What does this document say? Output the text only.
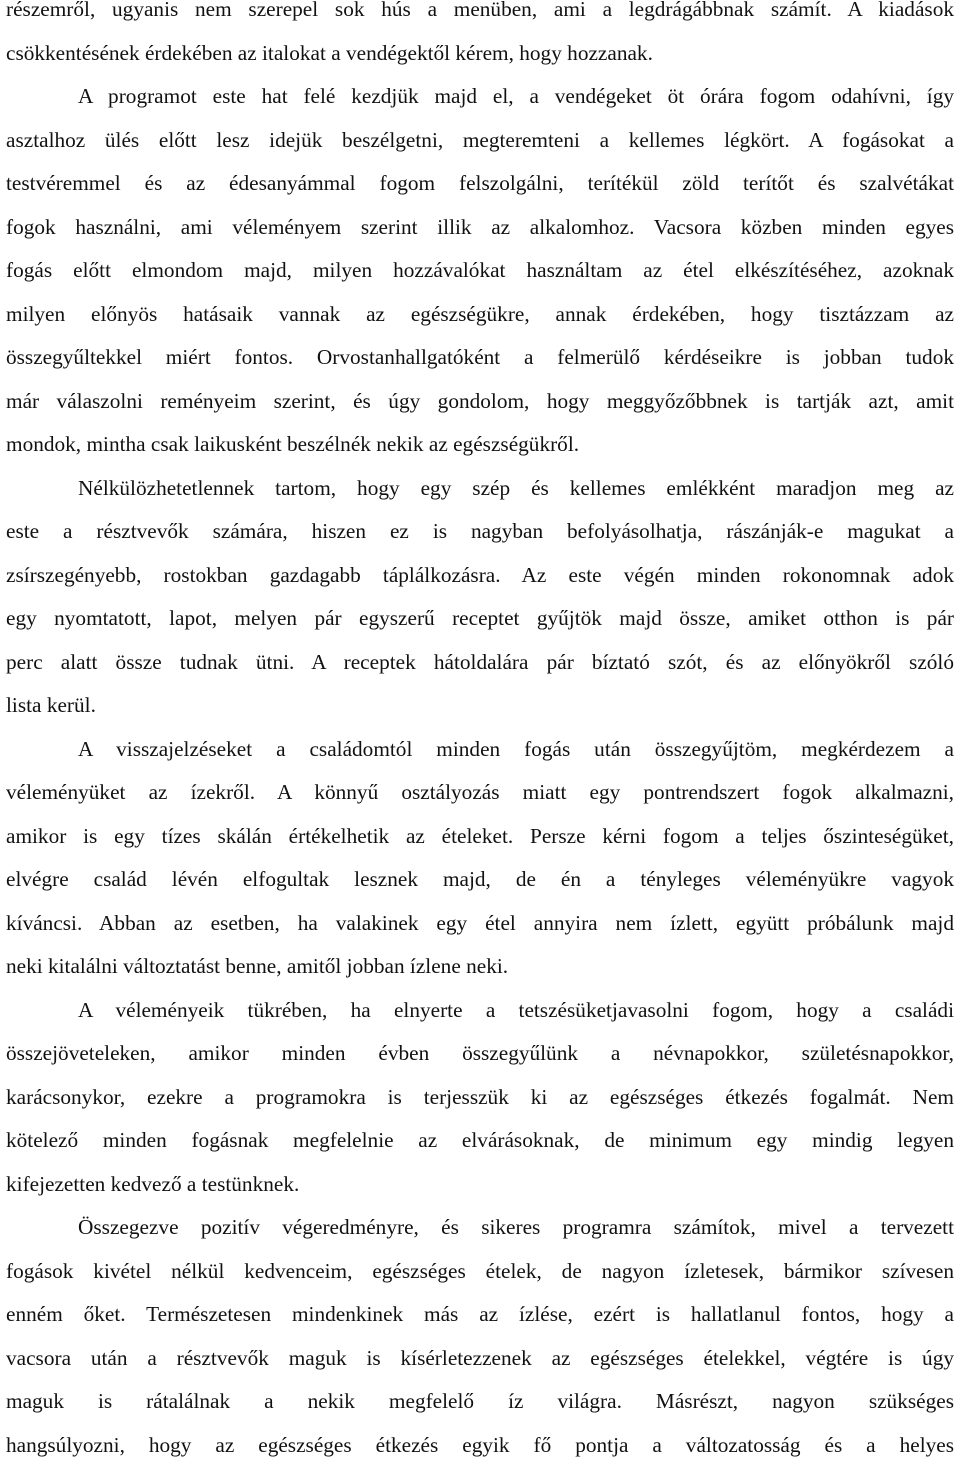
részemről, ugyanis nem szerepel sok hús a menüben, ami a legdrágábbnak számít. A kiadások
csökkentésének érdekében az italokat a vendégektől kérem, hogy hozzanak.
A programot este hat felé kezdjük majd el, a vendégeket öt órára fogom odahívni, így
asztalhoz ülés előtt lesz idejük beszélgetni, megteremteni a kellemes légkört. A fogásokat a
testvéremmel és az édesanyámmal fogom felszolgálni, terítékül zöld terítőt és szalvétákat
fogok használni, ami véleményem szerint illik az alkalomhoz. Vacsora közben minden egyes
fogás előtt elmondom majd, milyen hozzávalókat használtam az étel elkészítéséhez, azoknak
milyen előnyös hatásaik vannak az egészségükre, annak érdekében, hogy tisztázzam az
összegyűltekkel miért fontos. Orvostanhallgatóként a felmerülő kérdéseikre is jobban tudok
már válaszolni reményeim szerint, és úgy gondolom, hogy meggyőzőbbnek is tartják azt, amit
mondok, mintha csak laikusként beszélnék nekik az egészségükről.
Nélkülözhetetlennek tartom, hogy egy szép és kellemes emlékként maradjon meg az
este a résztvevők számára, hiszen ez is nagyban befolyásolhatja, rászánják-e magukat a
zsírszegényebb, rostokban gazdagabb táplálkozásra. Az este végén minden rokonomnak adok
egy nyomtatott, lapot, melyen pár egyszerű receptet gyűjtök majd össze, amiket otthon is pár
perc alatt össze tudnak ütni. A receptek hátoldalára pár bíztató szót, és az előnyökről szóló
lista kerül.
A visszajelzéseket a családomtól minden fogás után összegyűjtöm, megkérdezem a
véleményüket az ízekről. A könnyű osztályozás miatt egy pontrendszert fogok alkalmazni,
amikor is egy tízes skálán értékelhetik az ételeket. Persze kérni fogom a teljes őszinteségüket,
elvégre család lévén elfogultak lesznek majd, de én a tényleges véleményükre vagyok
kíváncsi. Abban az esetben, ha valakinek egy étel annyira nem ízlett, együtt próbálunk majd
neki kitalálni változtatást benne, amitől jobban ízlene neki.
A véleményeik tükrében, ha elnyerte a tetszésüketjavasolni fogom, hogy a családi
összejöveteleken, amikor minden évben összegyűlünk a névnapokkor, születésnapokkor,
karácsonykor, ezekre a programokra is terjesszük ki az egészséges étkezés fogalmát. Nem
kötelező minden fogásnak megfelelnie az elvárásoknak, de minimum egy mindig legyen
kifejezetten kedvező a testünknek.
Összegezve pozitív végeredményre, és sikeres programra számítok, mivel a tervezett
fogások kivétel nélkül kedvenceim, egészséges ételek, de nagyon ízletesek, bármikor szívesen
enném őket. Természetesen mindenkinek más az ízlése, ezért is hallatlanul fontos, hogy a
vacsora után a résztvevők maguk is kísérletezzenek az egészséges ételekkel, végtére is úgy
maguk is rátalálnak a nekik megfelelő íz világra. Másrészt, nagyon szükséges
hangsúlyozni, hogy az egészséges étkezés egyik fő pontja a változatosság és a helyes
